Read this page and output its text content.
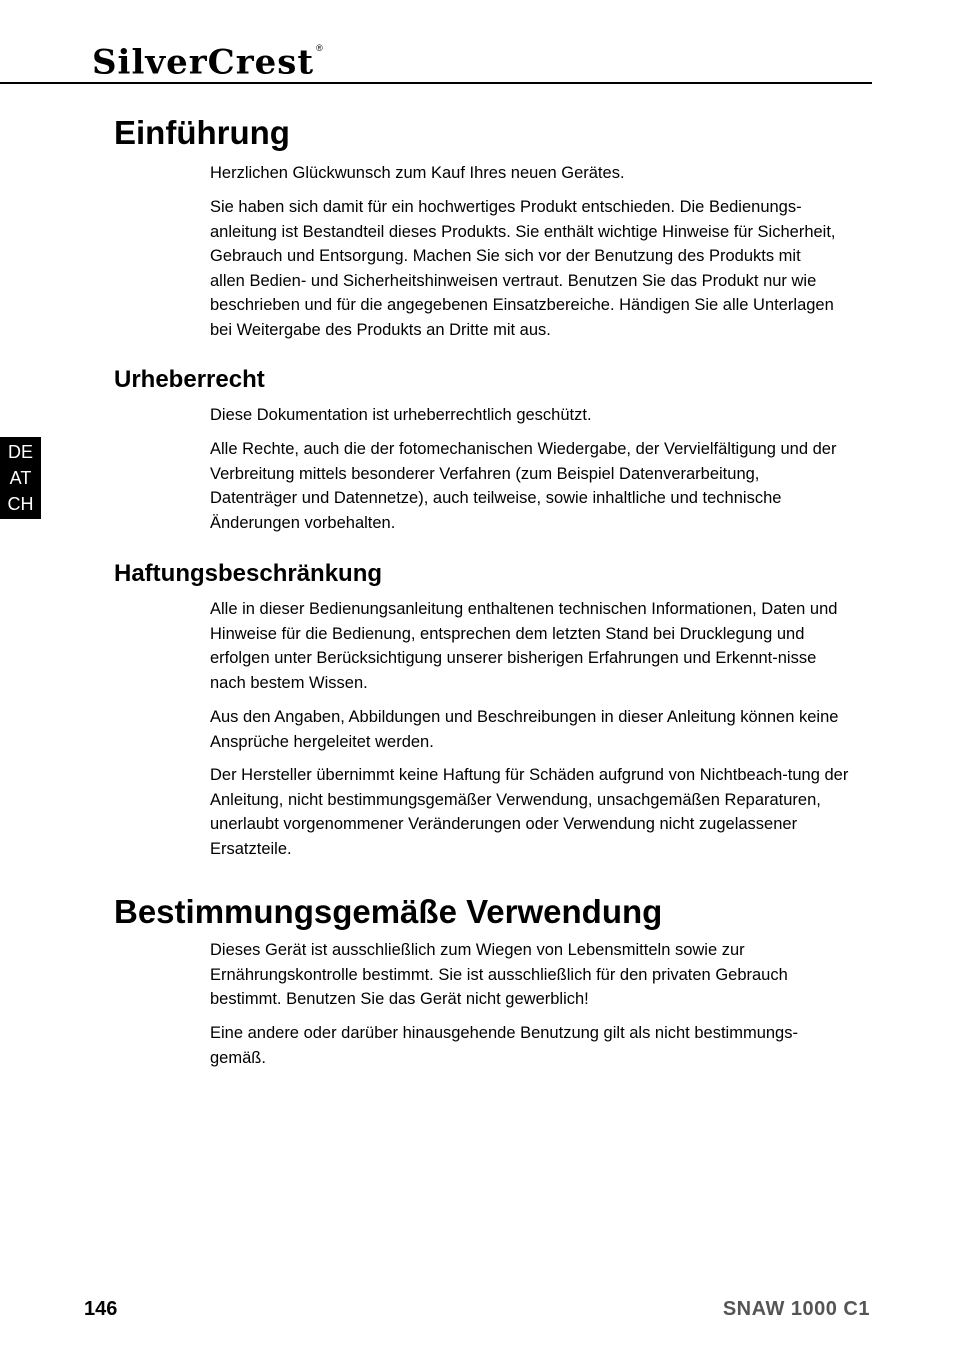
SilverCrest ®
DE
AT
CH
Einführung

Herzlichen Glückwunsch zum Kauf Ihres neuen Gerätes.

Sie haben sich damit für ein hochwertiges Produkt entschieden. Die Bedienungs-anleitung ist Bestandteil dieses Produkts. Sie enthält wichtige Hinweise für Sicherheit, Gebrauch und Entsorgung. Machen Sie sich vor der Benutzung des Produkts mit allen Bedien- und Sicherheitshinweisen vertraut. Benutzen Sie das Produkt nur wie beschrieben und für die angegebenen Einsatzbereiche. Händigen Sie alle Unterlagen bei Weitergabe des Produkts an Dritte mit aus.

Urheberrecht

Diese Dokumentation ist urheberrechtlich geschützt.

Alle Rechte, auch die der fotomechanischen Wiedergabe, der Vervielfältigung und der Verbreitung mittels besonderer Verfahren (zum Beispiel Datenverarbeitung, Datenträger und Datennetze), auch teilweise, sowie inhaltliche und technische Änderungen vorbehalten.

Haftungsbeschränkung

Alle in dieser Bedienungsanleitung enthaltenen technischen Informationen, Daten und Hinweise für die Bedienung, entsprechen dem letzten Stand bei Drucklegung und erfolgen unter Berücksichtigung unserer bisherigen Erfahrungen und Erkennt-nisse nach bestem Wissen.

Aus den Angaben, Abbildungen und Beschreibungen in dieser Anleitung können keine Ansprüche hergeleitet werden.

Der Hersteller übernimmt keine Haftung für Schäden aufgrund von Nichtbeach-tung der Anleitung, nicht bestimmungsgemäßer Verwendung, unsachgemäßen Reparaturen, unerlaubt vorgenommener Veränderungen oder Verwendung nicht zugelassener Ersatzteile.

Bestimmungsgemäße Verwendung

Dieses Gerät ist ausschließlich zum Wiegen von Lebensmitteln sowie zur Ernährungskontrolle bestimmt. Sie ist ausschließlich für den privaten Gebrauch bestimmt. Benutzen Sie das Gerät nicht gewerblich!

Eine andere oder darüber hinausgehende Benutzung gilt als nicht bestimmungs-gemäß.

146	SNAW 1000 C1
